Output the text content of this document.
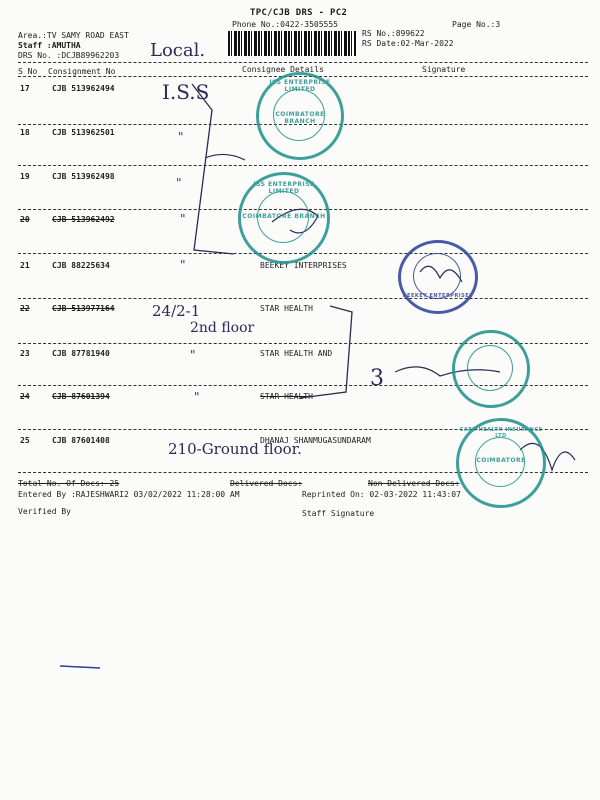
TPC/CJB DRS - PC2
Phone No.:0422-3505555	Page No.:3
Area.:TV SAMY ROAD EAST
Staff :AMUTHA
DRS No. :DCJB89962203
RS No.:899622
RS Date:02-Mar-2022
Local.
S No Consignment No	Consignee Details	Signature
17	CJB 513962494
18	CJB 513962501
19	CJB 513962498
20	CJB 513962492
21	CJB 88225634	BEEKEY INTERPRISES
22	CJB 513977164	STAR HEALTH
23	CJB 87781940	STAR HEALTH AND
24	CJB 87601394	STAR HEALTH
25	CJB 87601408	DHANAJ SHANMUGASUNDARAM
Total No. Of Docs: 25	Delivered Docs:	Non Delivered Docs:
Entered By :RAJESHWARI2 03/02/2022 11:28:00 AM	Reprinted On: 02-03-2022 11:43:07
Verified By	Staff Signature
I.S.S
"
"
"
"
24/2-1
2nd floor
"
"
3
210-Ground floor.
ISS ENTERPRISE LIMITED
COIMBATORE BRANCH
ISS ENTERPRISE LIMITED
COIMBATORE BRANCH
BEEKEY ENTERPRISES
CARE HEALTH INSURANCE LTD
COIMBATORE
